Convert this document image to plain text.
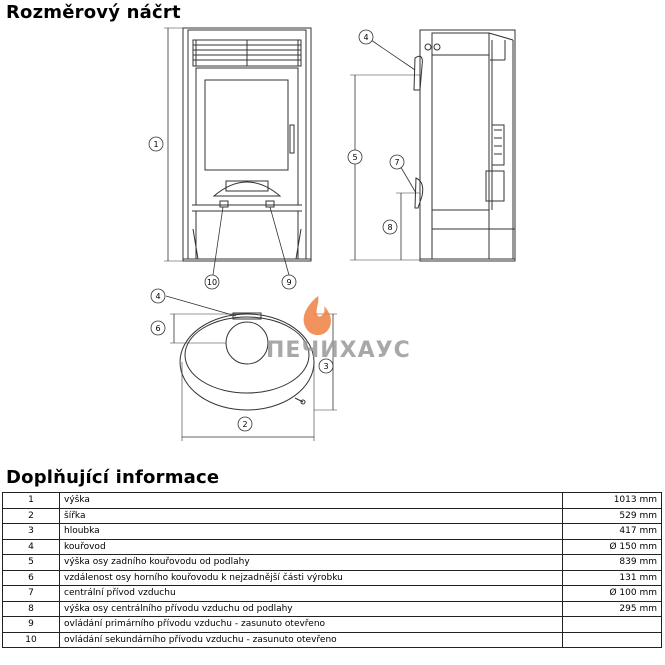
Rozměrový náčrt
1
10	9
4
5
7
8
4
6
3
2
ПЕЧИХАУС
Doplňující informace
1	výška	1013 mm
2	šířka	529 mm
3	hloubka	417 mm
4	kouřovod	Ø 150 mm
5	výška osy zadního kouřovodu od podlahy	839 mm
6	vzdálenost osy horního kouřovodu k nejzadnější části výrobku	131 mm
7	centrální přívod vzduchu	Ø 100 mm
8	výška osy centrálního přívodu vzduchu od podlahy	295 mm
9	ovládání primárního přívodu vzduchu - zasunuto otevřeno	
10	ovládání sekundárního přívodu vzduchu - zasunuto otevřeno	
